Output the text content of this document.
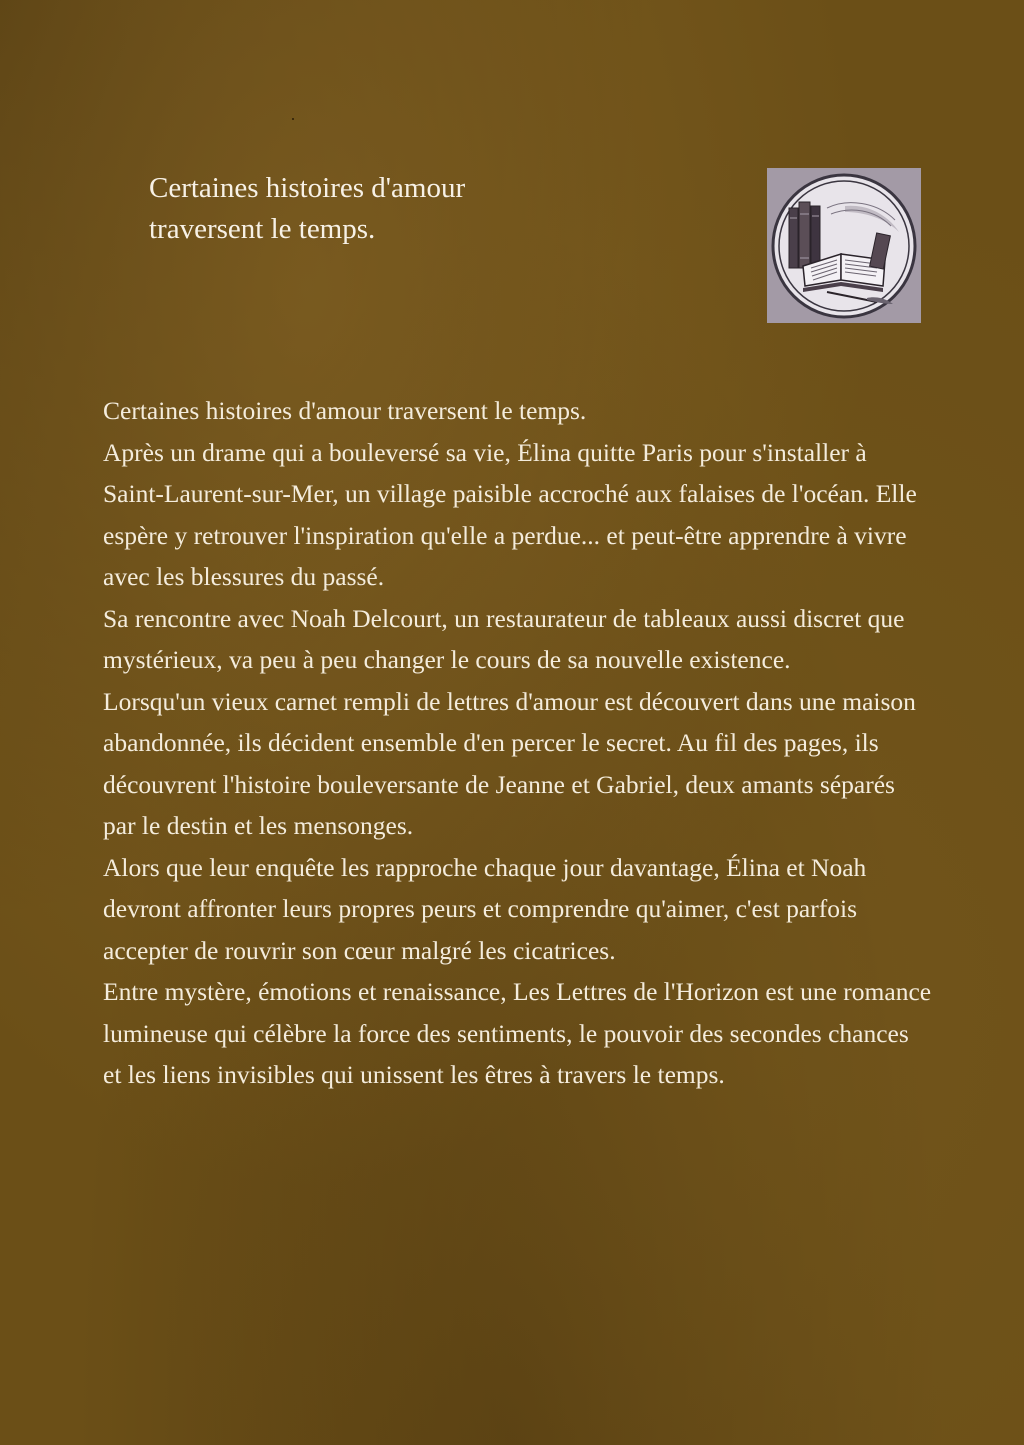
Certaines histoires d'amour
traversent le temps.

Certaines histoires d'amour traversent le temps.

Après un drame qui a bouleversé sa vie, Élina quitte Paris pour s'installer à Saint-Laurent-sur-Mer, un village paisible accroché aux falaises de l'océan. Elle espère y retrouver l'inspiration qu'elle a perdue... et peut-être apprendre à vivre avec les blessures du passé.

Sa rencontre avec Noah Delcourt, un restaurateur de tableaux aussi discret que mystérieux, va peu à peu changer le cours de sa nouvelle existence.

Lorsqu'un vieux carnet rempli de lettres d'amour est découvert dans une maison abandonnée, ils décident ensemble d'en percer le secret. Au fil des pages, ils découvrent l'histoire bouleversante de Jeanne et Gabriel, deux amants séparés par le destin et les mensonges.

Alors que leur enquête les rapproche chaque jour davantage, Élina et Noah devront affronter leurs propres peurs et comprendre qu'aimer, c'est parfois accepter de rouvrir son cœur malgré les cicatrices.

Entre mystère, émotions et renaissance, Les Lettres de l'Horizon est une romance lumineuse qui célèbre la force des sentiments, le pouvoir des secondes chances et les liens invisibles qui unissent les êtres à travers le temps.
